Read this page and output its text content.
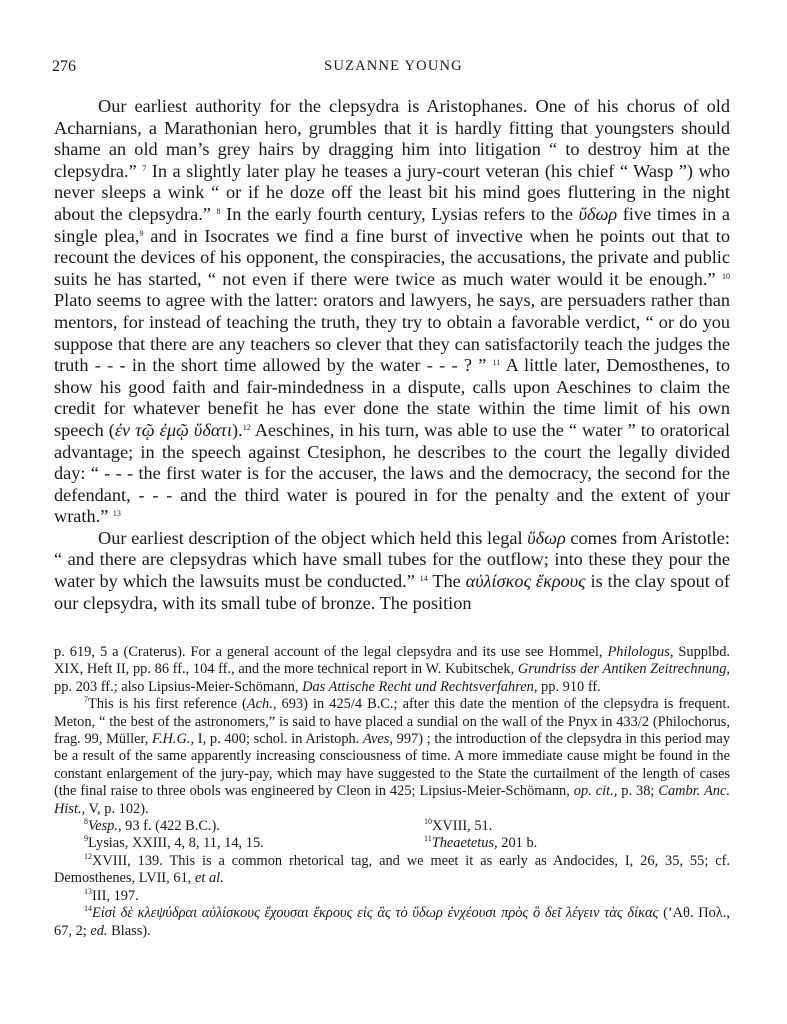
276	SUZANNE YOUNG

Our earliest authority for the clepsydra is Aristophanes. One of his chorus of old Acharnians, a Marathonian hero, grumbles that it is hardly fitting that youngsters should shame an old man’s grey hairs by dragging him into litigation “ to destroy him at the clepsydra.” $^7$ In a slightly later play he teases a jury-court veteran (his chief “ Wasp ”) who never sleeps a wink “ or if he doze off the least bit his mind goes fluttering in the night about the clepsydra.” $^8$ In the early fourth century, Lysias refers to the ὕδωρ five times in a single plea,$^9$ and in Isocrates we find a fine burst of invective when he points out that to recount the devices of his opponent, the conspiracies, the accusations, the private and public suits he has started, “ not even if there were twice as much water would it be enough.” $^{10}$ Plato seems to agree with the latter: orators and lawyers, he says, are persuaders rather than mentors, for instead of teaching the truth, they try to obtain a favorable verdict, “ or do you suppose that there are any teachers so clever that they can satisfactorily teach the judges the truth - - - in the short time allowed by the water - - - ? ” $^{11}$ A little later, Demosthenes, to show his good faith and fair-mindedness in a dispute, calls upon Aeschines to claim the credit for whatever benefit he has ever done the state within the time limit of his own speech (ἐν τῷ ἐμῷ ὕδατι).$^{12}$ Aeschines, in his turn, was able to use the “ water ” to oratorical advantage; in the speech against Ctesiphon, he describes to the court the legally divided day: “ - - - the first water is for the accuser, the laws and the democracy, the second for the defendant, - - - and the third water is poured in for the penalty and the extent of your wrath.” $^{13}$

Our earliest description of the object which held this legal ὕδωρ comes from Aristotle: “ and there are clepsydras which have small tubes for the outflow; into these they pour the water by which the lawsuits must be conducted.” $^{14}$ The αὐλίσκος ἔκρους is the clay spout of our clepsydra, with its small tube of bronze. The position

p. 619, 5 a (Craterus). For a general account of the legal clepsydra and its use see Hommel, Philologus, Supplbd. XIX, Heft II, pp. 86 ff., 104 ff., and the more technical report in W. Kubitschek, Grundriss der Antiken Zeitrechnung, pp. 203 ff.; also Lipsius-Meier-Schömann, Das Attische Recht und Rechtsverfahren, pp. 910 ff.

$^7$This is his first reference (Ach., 693) in 425/4 B.C.; after this date the mention of the clepsydra is frequent. Meton, “ the best of the astronomers,” is said to have placed a sundial on the wall of the Pnyx in 433/2 (Philochorus, frag. 99, Müller, F.H.G., I, p. 400; schol. in Aristoph. Aves, 997) ; the introduction of the clepsydra in this period may be a result of the same apparently increasing consciousness of time. A more immediate cause might be found in the constant enlargement of the jury-pay, which may have suggested to the State the curtailment of the length of cases (the final raise to three obols was engineered by Cleon in 425; Lipsius-Meier-Schömann, op. cit., p. 38; Cambr. Anc. Hist., V, p. 102).

$^8$Vesp., 93 f. (422 B.C.).	$^{10}$XVIII, 51.
$^9$Lysias, XXIII, 4, 8, 11, 14, 15.	$^{11}$Theaetetus, 201 b.

$^{12}$XVIII, 139. This is a common rhetorical tag, and we meet it as early as Andocides, I, 26, 35, 55; cf. Demosthenes, LVII, 61, et al.

$^{13}$III, 197.

$^{14}$Εἰσὶ δὲ κλεψύδραι αὐλίσκους ἔχουσαι ἔκρους εἰς ἃς τὸ ὕδωρ ἐνχέουσι πρὸς ὃ δεῖ λέγειν τὰς δίκας (’Αθ. Πολ., 67, 2; ed. Blass).
